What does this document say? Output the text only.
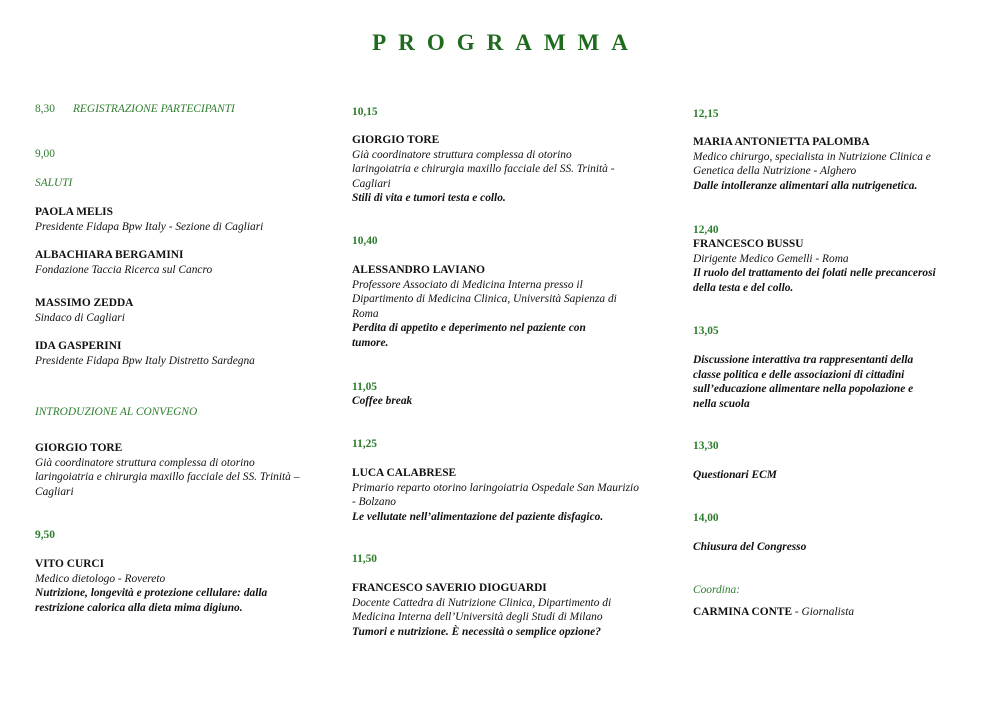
PROGRAMMA
8,30 REGISTRAZIONE PARTECIPANTI
9,00
SALUTI
PAOLA MELIS
Presidente Fidapa Bpw Italy - Sezione di Cagliari
ALBACHIARA BERGAMINI
Fondazione Taccia Ricerca sul Cancro
MASSIMO ZEDDA
Sindaco di Cagliari
IDA GASPERINI
Presidente Fidapa Bpw Italy Distretto Sardegna
INTRODUZIONE AL CONVEGNO
GIORGIO TORE
Già coordinatore struttura complessa di otorino
laringoiatria e chirurgia maxillo facciale del SS. Trinità –
Cagliari
9,50
VITO CURCI
Medico dietologo - Rovereto
Nutrizione, longevità e protezione cellulare: dalla
restrizione calorica alla dieta mima digiuno.
10,15
GIORGIO TORE
Già coordinatore struttura complessa di otorino
laringoiatria e chirurgia maxillo facciale del SS. Trinità -
Cagliari
Stili di vita e tumori testa e collo.
10,40
ALESSANDRO LAVIANO
Professore Associato di Medicina Interna presso il
Dipartimento di Medicina Clinica, Università Sapienza di
Roma
Perdita di appetito e deperimento nel paziente con
tumore.
11,05
Coffee break
11,25
LUCA CALABRESE
Primario reparto otorino laringoiatria Ospedale San Maurizio
- Bolzano
Le vellutate nell’alimentazione del paziente disfagico.
11,50
FRANCESCO SAVERIO DIOGUARDI
Docente Cattedra di Nutrizione Clinica, Dipartimento di
Medicina Interna dell’Università degli Studi di Milano
Tumori e nutrizione. È necessità o semplice opzione?
12,15
MARIA ANTONIETTA PALOMBA
Medico chirurgo, specialista in Nutrizione Clinica e
Genetica della Nutrizione - Alghero
Dalle intolleranze alimentari alla nutrigenetica.
12,40
FRANCESCO BUSSU
Dirigente Medico Gemelli - Roma
Il ruolo del trattamento dei folati nelle precancerosi
della testa e del collo.
13,05
Discussione interattiva tra rappresentanti della
classe politica e delle associazioni di cittadini
sull’educazione alimentare nella popolazione e
nella scuola
13,30
Questionari ECM
14,00
Chiusura del Congresso
Coordina:
CARMINA CONTE - Giornalista
